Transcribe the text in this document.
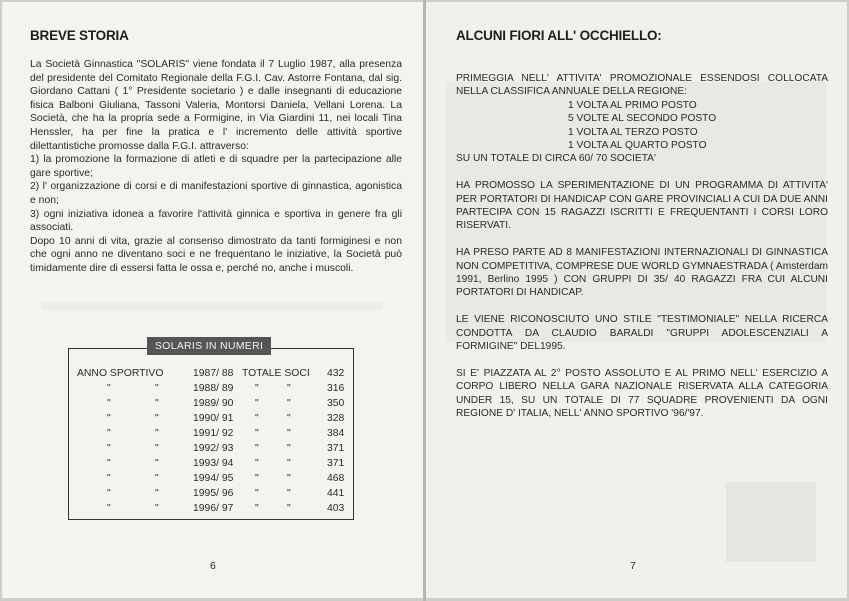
BREVE STORIA

La Società Ginnastica "SOLARIS" viene fondata il 7 Luglio 1987, alla presenza del presidente del Comitato Regionale della F.G.I. Cav. Astorre Fontana, dal sig. Giordano Cattani ( 1° Presidente societario ) e dalle insegnanti di educazione fisica Balboni Giuliana, Tassoni Valeria, Montorsi Daniela, Vellani Lorena. La Società, che ha la propria sede a Formigine, in Via Giardini 11, nei locali Tina Henssler, ha per fine la pratica e l' incremento delle attività sportive dilettantistiche promosse dalla F.G.I. attraverso:

1) la promozione la formazione di atleti e di squadre per la partecipazione alle gare sportive;

2) l' organizzazione di corsi e di manifestazioni sportive di ginnastica, agonistica e non;

3) ogni iniziativa idonea a favorire l'attività ginnica e sportiva in genere fra gli associati.

Dopo 10 anni di vita, grazie al consenso dimostrato da tanti formiginesi e non che ogni anno ne diventano soci e ne frequentano le iniziative, la Società può timidamente dire di essersi fatta le ossa e, perché no, anche i muscoli.

ANNO SPORTIVO	1987/ 88 TOTALE SOCI 432
"	"	1988/ 89 "	"	316
"	"	1989/ 90 "	"	350
"	"	1990/ 91 "	"	328
"	"	1991/ 92 "	"	384
"	"	1992/ 93 "	"	371
"	"	1993/ 94 "	"	371
"	"	1994/ 95 "	"	468
"	"	1995/ 96 "	"	441
"	"	1996/ 97 "	"	403
SOLARIS IN NUMERI
6
ALCUNI FIORI ALL' OCCHIELLO:
PRIMEGGIA NELL' ATTIVITA' PROMOZIONALE ESSENDOSI COLLOCATA NELLA CLASSIFICA ANNUALE DELLA REGIONE:
1 VOLTA AL PRIMO POSTO
5 VOLTE AL SECONDO POSTO
1 VOLTA AL TERZO POSTO
1 VOLTA AL QUARTO POSTO
SU UN TOTALE DI CIRCA 60/ 70 SOCIETA'
HA PROMOSSO LA SPERIMENTAZIONE DI UN PROGRAMMA DI ATTIVITA' PER PORTATORI DI HANDICAP CON GARE PROVINCIALI A CUI DA DUE ANNI PARTECIPA CON 15 RAGAZZI ISCRITTI E FREQUENTANTI I CORSI LORO RISERVATI.
HA PRESO PARTE AD 8 MANIFESTAZIONI INTERNAZIONALI DI GINNASTICA NON COMPETITIVA, COMPRESE DUE WORLD GYMNAESTRADA ( Amsterdam 1991, Berlino 1995 ) CON GRUPPI DI 35/ 40 RAGAZZI FRA CUI ALCUNI PORTATORI DI HANDICAP.
LE VIENE RICONOSCIUTO UNO STILE "TESTIMONIALE" NELLA RICERCA CONDOTTA DA CLAUDIO BARALDI "GRUPPI ADOLESCENZIALI A FORMIGINE" DEL1995.
SI E' PIAZZATA AL 2° POSTO ASSOLUTO E AL PRIMO NELL' ESERCIZIO A CORPO LIBERO NELLA GARA NAZIONALE RISERVATA ALLA CATEGORIA UNDER 15, SU UN TOTALE DI 77 SQUADRE PROVENIENTI DA OGNI REGIONE D' ITALIA, NELL' ANNO SPORTIVO '96/'97.
7
